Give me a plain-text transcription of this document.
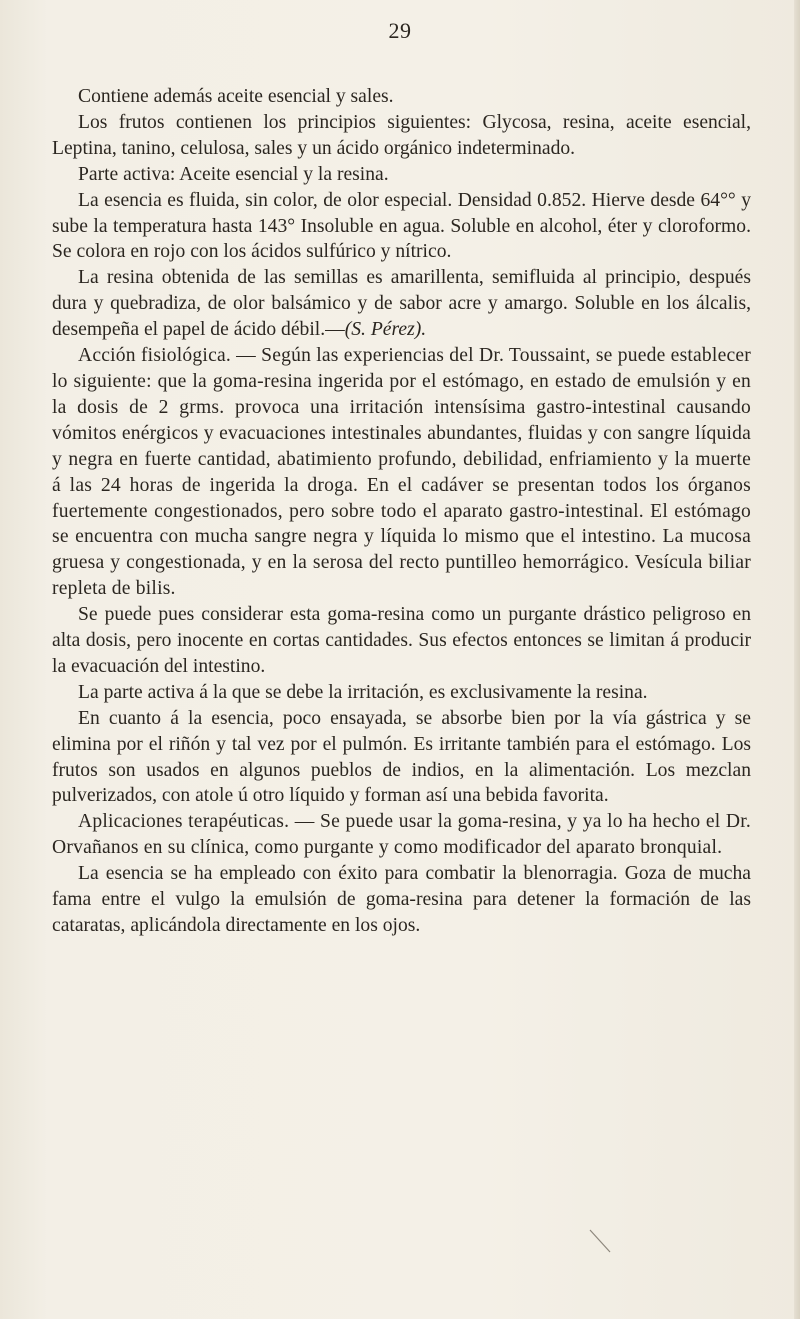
29

Contiene además aceite esencial y sales.

Los frutos contienen los principios siguientes: Glycosa, resina, aceite esencial, Leptina, tanino, celulosa, sales y un ácido orgánico indeterminado.

Parte activa: Aceite esencial y la resina.

La esencia es fluida, sin color, de olor especial. Densidad 0.852. Hierve desde 64°° y sube la temperatura hasta 143° Insoluble en agua. Soluble en alcohol, éter y cloroformo. Se colora en rojo con los ácidos sulfúrico y nítrico.

La resina obtenida de las semillas es amarillenta, semifluida al principio, después dura y quebradiza, de olor balsámico y de sabor acre y amargo. Soluble en los álcalis, desempeña el papel de ácido débil.—(S. Pérez).

Acción fisiológica. — Según las experiencias del Dr. Toussaint, se puede establecer lo siguiente: que la goma-resina ingerida por el estómago, en estado de emulsión y en la dosis de 2 grms. provoca una irritación intensísima gastro-intestinal causando vómitos enérgicos y evacuaciones intestinales abundantes, fluidas y con sangre líquida y negra en fuerte cantidad, abatimiento profundo, debilidad, enfriamiento y la muerte á las 24 horas de ingerida la droga. En el cadáver se presentan todos los órganos fuertemente congestionados, pero sobre todo el aparato gastro-intestinal. El estómago se encuentra con mucha sangre negra y líquida lo mismo que el intestino. La mucosa gruesa y congestionada, y en la serosa del recto puntilleo hemorrágico. Vesícula biliar repleta de bilis.

Se puede pues considerar esta goma-resina como un purgante drástico peligroso en alta dosis, pero inocente en cortas cantidades. Sus efectos entonces se limitan á producir la evacuación del intestino.

La parte activa á la que se debe la irritación, es exclusivamente la resina.

En cuanto á la esencia, poco ensayada, se absorbe bien por la vía gástrica y se elimina por el riñón y tal vez por el pulmón. Es irritante también para el estómago. Los frutos son usados en algunos pueblos de indios, en la alimentación. Los mezclan pulverizados, con atole ú otro líquido y forman así una bebida favorita.

Aplicaciones terapéuticas. — Se puede usar la goma-resina, y ya lo ha hecho el Dr. Orvañanos en su clínica, como purgante y como modificador del aparato bronquial.

La esencia se ha empleado con éxito para combatir la blenorragia. Goza de mucha fama entre el vulgo la emulsión de goma-resina para detener la formación de las cataratas, aplicándola directamente en los ojos.
